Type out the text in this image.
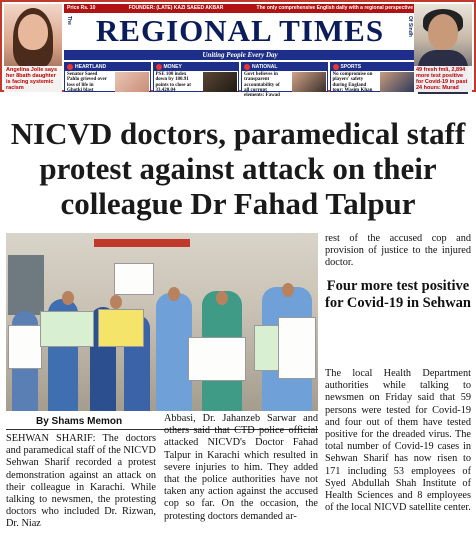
Angelina Jolie says her 8bath daughter is facing systemic racism
Price Rs. 10	FOUNDER: (LATE) KAZI SAEED AKBAR	The only comprehensive English daily with a regional perspective
The REGIONAL TIMES	Of Sindh
Uniting People Every Day
HEARTLAND
Senator Saeed Pahlo grieved over loss of life in Ghotki blast
MONEY
PSE 100 index down by 180.91 points to close at 33,420.04
NATIONAL
Govt believes in transparent accountability of all corrupt elements: Fawad
SPORTS
No compromise on players' safety during England tour: Wasim Khan
49 fresh fmli, 2,894 more test positive for Covid-19 in past 24 hours: Murad
NICVD doctors, paramedical staff protest against attack on their colleague Dr Fahad Talpur
By Shams Memon
SEHWAN SHARIF: The doctors and paramedical staff of the NICVD Sehwan Sharif recorded a protest demonstration against an attack on their colleague in Karachi. While talking to newsmen, the protesting doctors who included Dr. Rizwan, Dr. Niaz
Abbasi, Dr. Jahanzeb Sarwar and others said that CTD police official attacked NICVD's Doctor Fahad Talpur in Karachi which resulted in severe injuries to him. They added that the police authorities have not taken any action against the accused cop so far. On the occasion, the protesting doctors demanded ar-
rest of the accused cop and provision of justice to the injured doctor.
Four more test positive for Covid-19 in Sehwan
The local Health Department authorities while talking to newsmen on Friday said that 59 persons were tested for Covid-19 and four out of them have tested positive for the dreaded virus. The total number of Covid-19 cases in Sehwan Sharif has now risen to 171 including 53 employees of Syed Abdullah Shah Institute of Health Sciences and 8 employees of the local NICVD satellite center.
